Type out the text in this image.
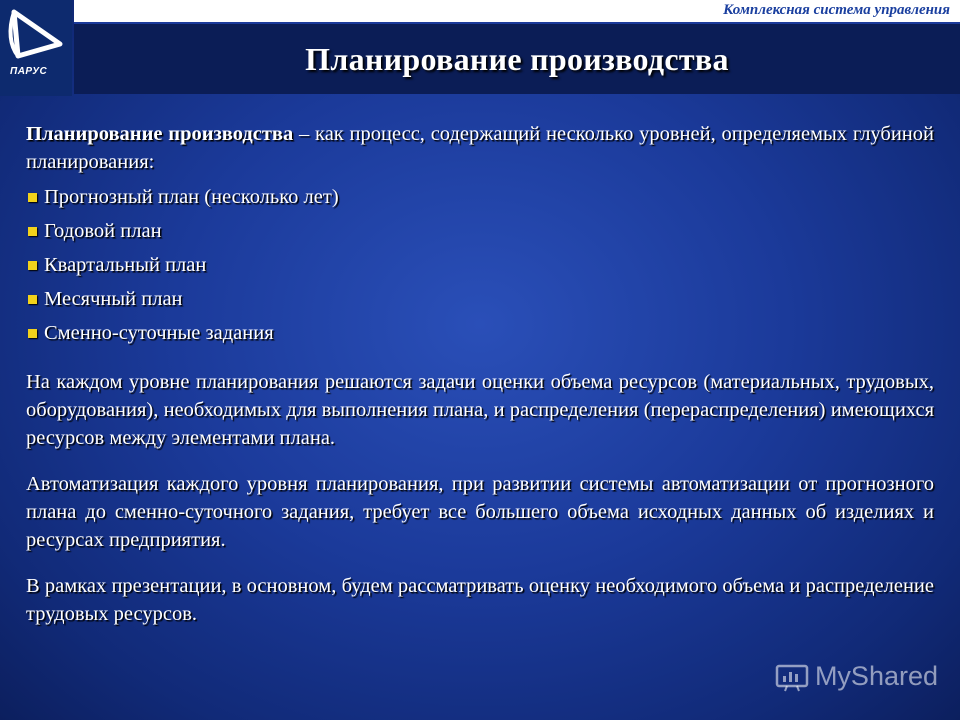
ПАРУС
Комплексная система управления
Планирование производства

Планирование производства – как процесс, содержащий несколько уровней, определяемых глубиной планирования:

Прогнозный план (несколько лет)
Годовой план
Квартальный план
Месячный план
Сменно-суточные задания

На каждом уровне планирования решаются задачи оценки объема ресурсов (материальных, трудовых, оборудования), необходимых для выполнения плана, и распределения (перераспределения) имеющихся ресурсов между элементами плана.

Автоматизация каждого уровня планирования, при развитии системы автоматизации от прогнозного плана до сменно-суточного задания, требует все большего объема исходных данных об изделиях и ресурсах предприятия.

В рамках презентации, в основном, будем рассматривать оценку необходимого объема и распределение трудовых ресурсов.

MyShared
